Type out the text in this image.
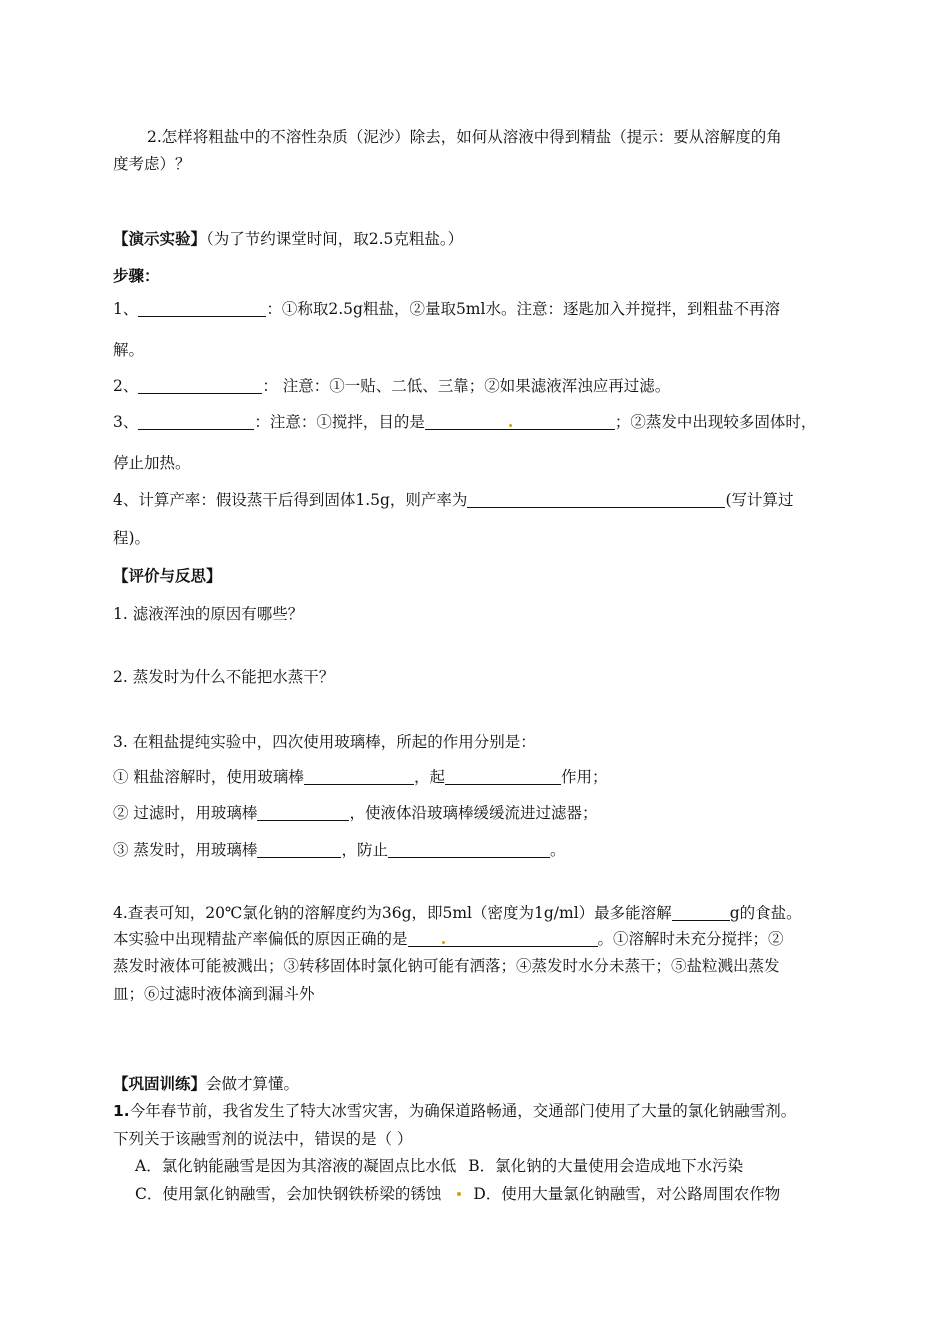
2.怎样将粗盐中的不溶性杂质（泥沙）除去，如何从溶液中得到精盐（提示：要从溶解度的角
度考虑）？
【演示实验】（为了节约课堂时间，取2.5克粗盐。）
步骤：
1、	：①称取2.5g粗盐，②量取5ml水。注意：逐匙加入并搅拌，到粗盐不再溶
解。
2、	： 注意：①一贴、二低、三靠；②如果滤液浑浊应再过滤。
3、	：注意：①搅拌，目的是	；②蒸发中出现较多固体时，
停止加热。
4、计算产率：假设蒸干后得到固体1.5g，则产率为	(写计算过
程)。
【评价与反思】
1. 滤液浑浊的原因有哪些？
2. 蒸发时为什么不能把水蒸干？
3. 在粗盐提纯实验中，四次使用玻璃棒，所起的作用分别是：
① 粗盐溶解时，使用玻璃棒	，起	作用；
② 过滤时，用玻璃棒	，使液体沿玻璃棒缓缓流进过滤器；
③ 蒸发时，用玻璃棒	，防止	。
4.查表可知，20℃氯化钠的溶解度约为36g，即5ml（密度为1g/ml）最多能溶解	g的食盐。
本实验中出现精盐产率偏低的原因正确的是	。①溶解时未充分搅拌；②
蒸发时液体可能被溅出；③转移固体时氯化钠可能有洒落；④蒸发时水分未蒸干；⑤盐粒溅出蒸发
皿；⑥过滤时液体滴到漏斗外
【巩固训练】会做才算懂。
1.今年春节前，我省发生了特大冰雪灾害，为确保道路畅通，交通部门使用了大量的氯化钠融雪剂。
下列关于该融雪剂的说法中，错误的是（ ）
A．氯化钠能融雪是因为其溶液的凝固点比水低 B．氯化钠的大量使用会造成地下水污染
C．使用氯化钠融雪，会加快钢铁桥梁的锈蚀 D．使用大量氯化钠融雪，对公路周围农作物
